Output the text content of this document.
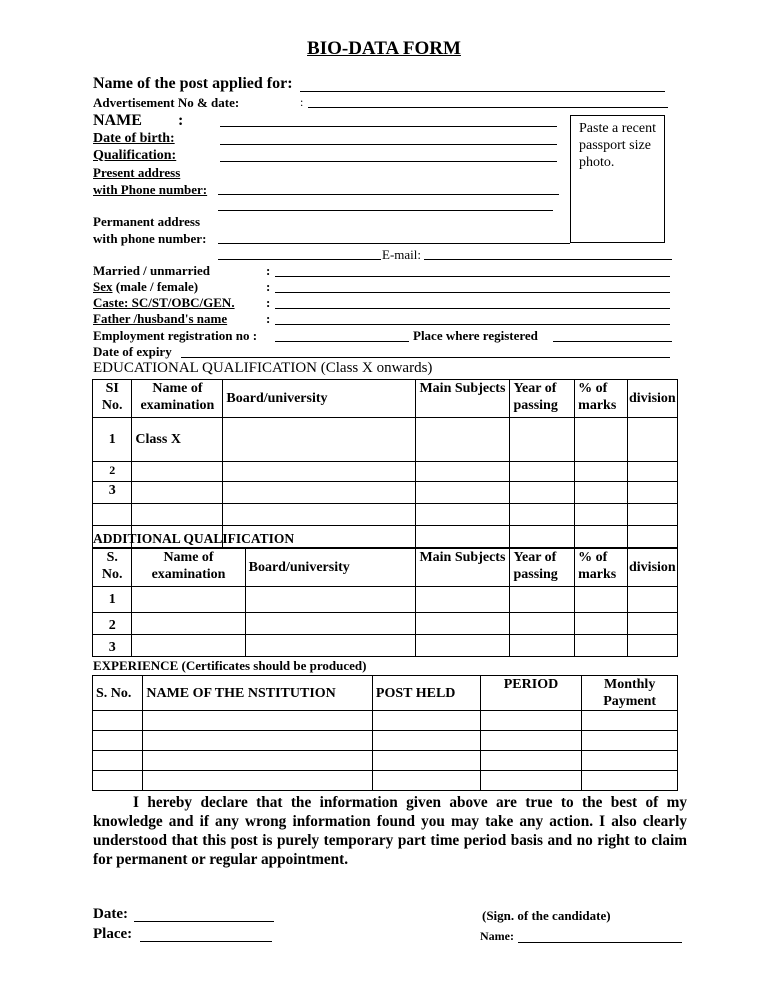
BIO-DATA FORM
Name of the post applied for:
Advertisement No & date:	:
NAME :
Date of birth:
Qualification:
Present address
with Phone number:
Permanent address
with phone number:
E-mail:
Paste a recent passport size photo.
Married / unmarried	:
Sex (male / female)	:
Caste: SC/ST/OBC/GEN. :
Father /husband's name	:
Employment registration no :	Place where registered
Date of expiry
EDUCATIONAL QUALIFICATION (Class X onwards)
SI No.	Name of examination	Board/university	Main Subjects	Year of passing	% of marks	division
1	Class X					
2						
3						

ADDITIONAL QUALIFICATION
S. No.	Name of examination	Board/university	Main Subjects	Year of passing	% of marks	division
1						
2						
3						
EXPERIENCE (Certificates should be produced)
S. No.	NAME OF THE NSTITUTION	POST HELD	PERIOD	Monthly Payment

I hereby declare that the information given above are true to the best of my knowledge and if any wrong information found you may take any action. I also clearly understood that this post is purely temporary part time period basis and no right to claim for permanent or regular appointment.
Date:
Place:
(Sign. of the candidate)
Name:
